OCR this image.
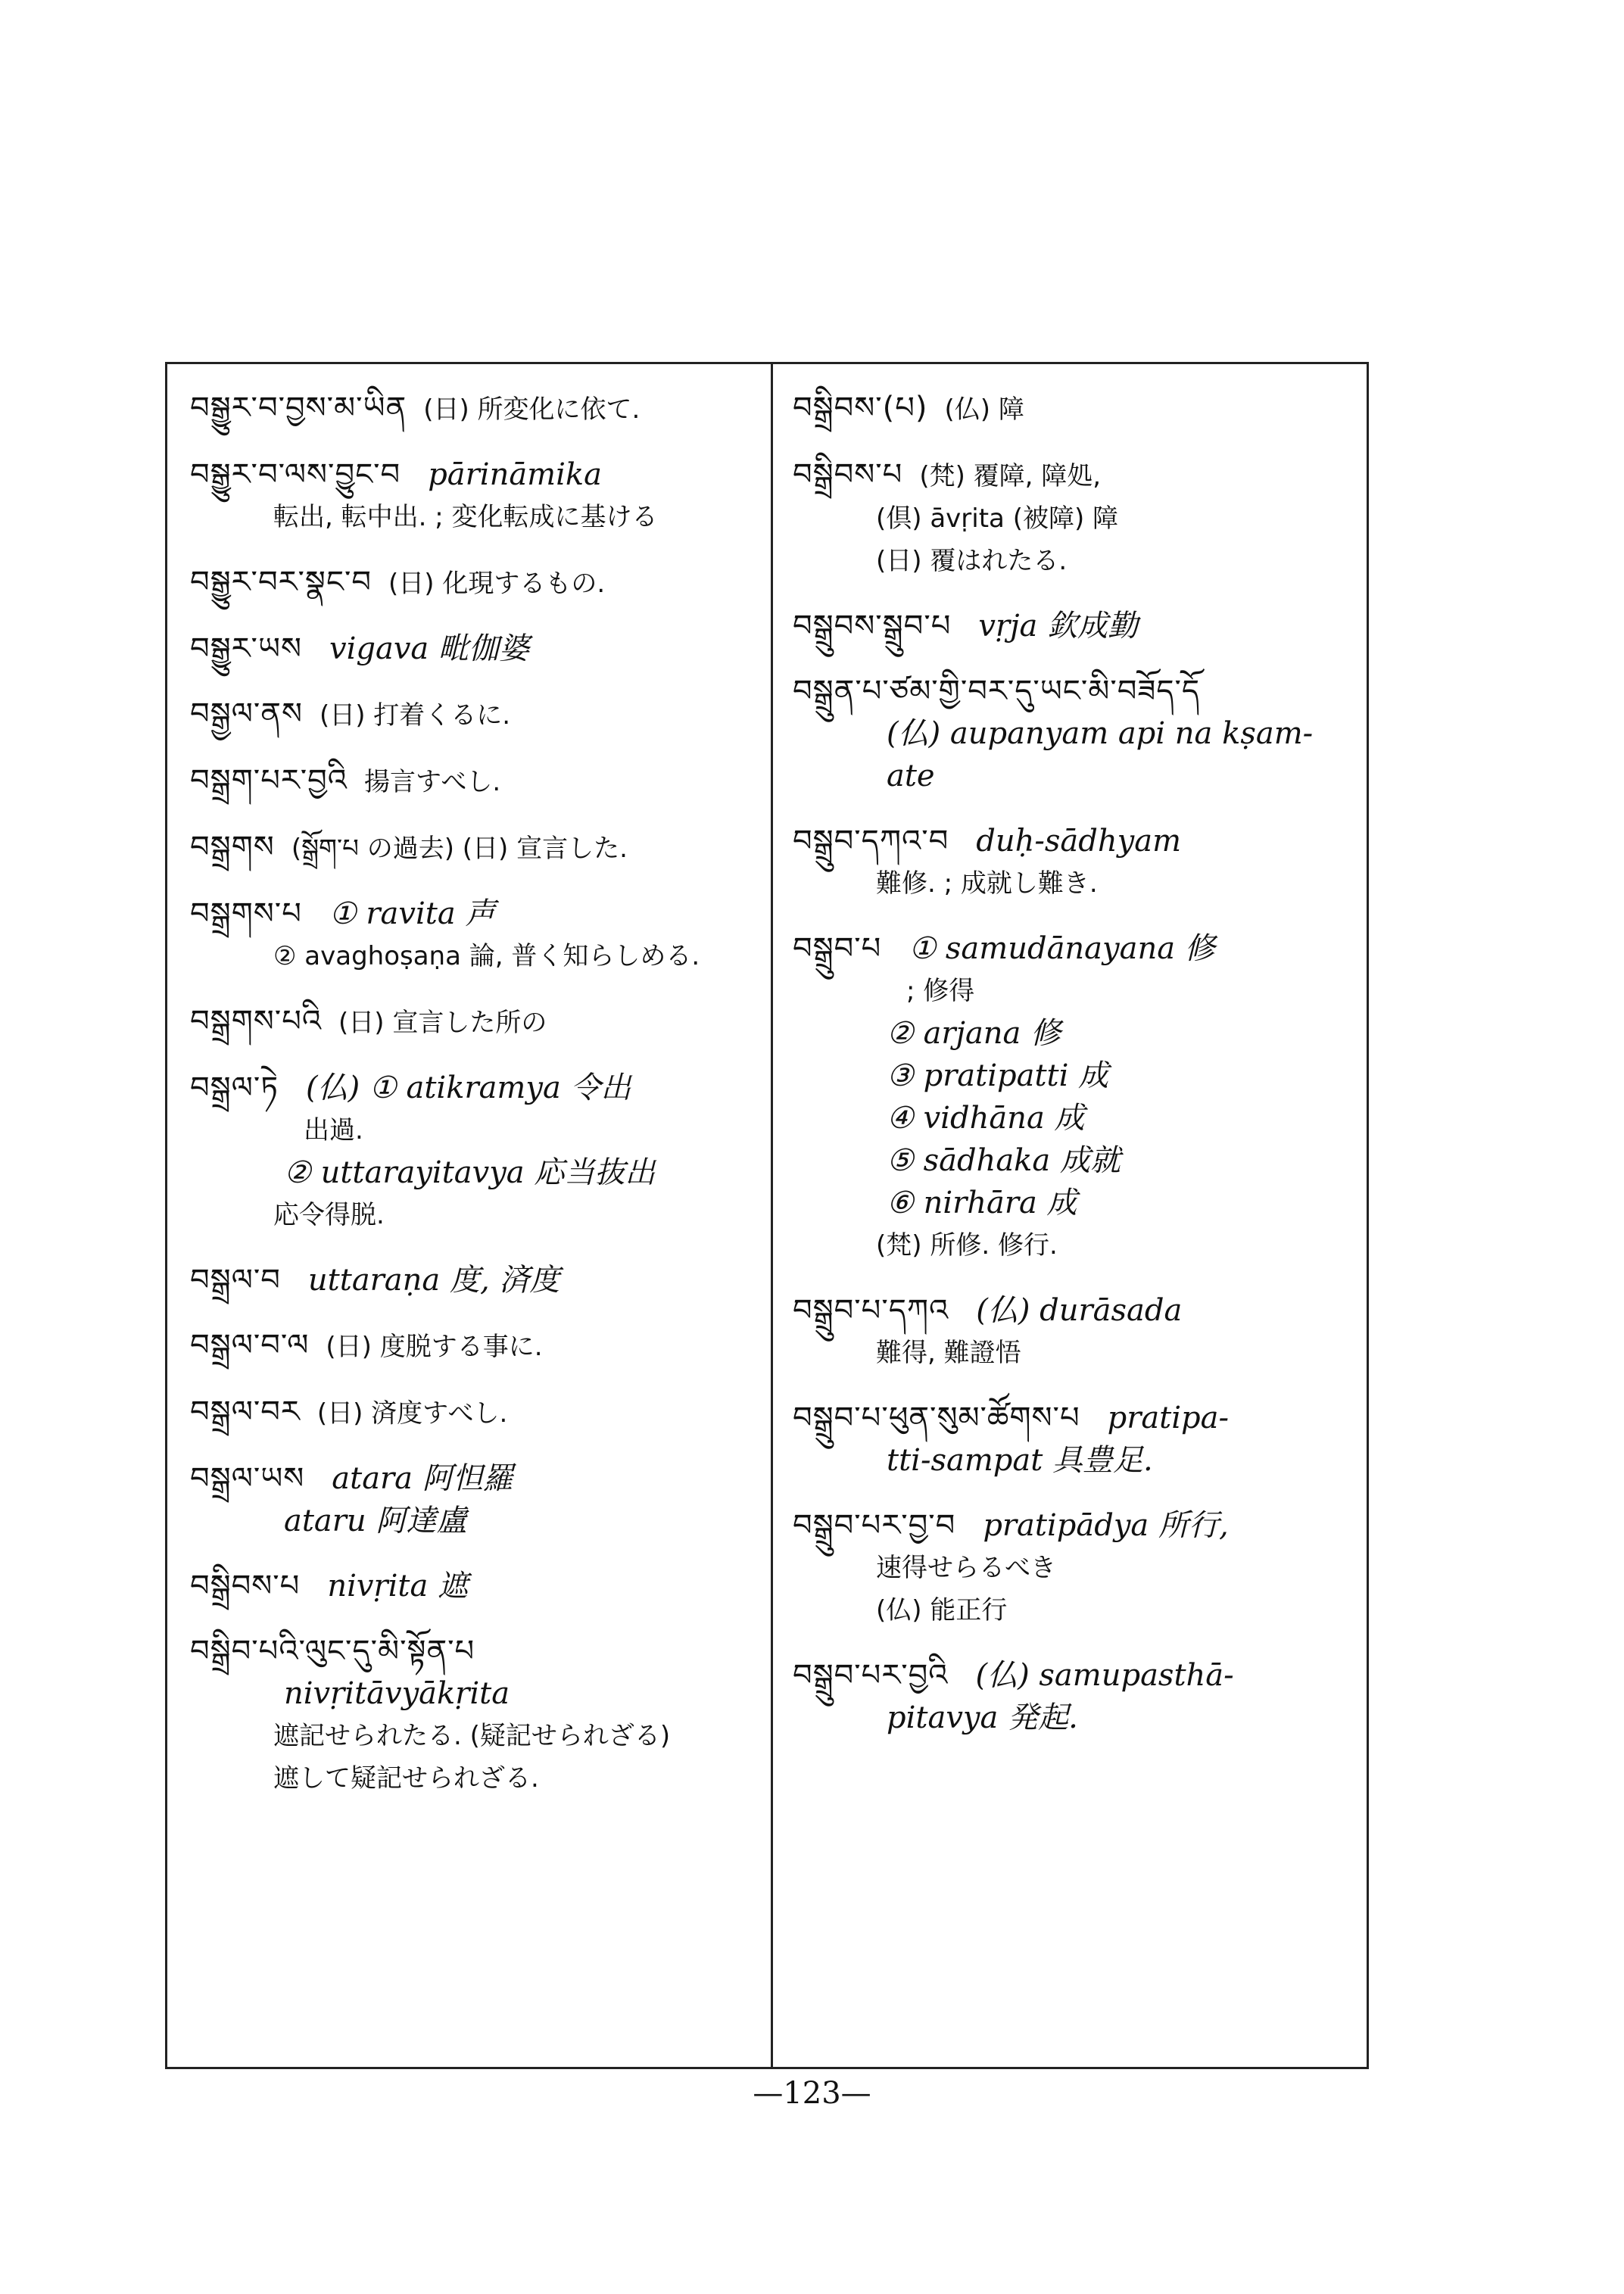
བསྒྱུར་བ་བྱས་མ་ཡིན (日) 所変化に依て.
བསྒྱུར་བ་ལས་བྱུང་བ pārināmika
転出, 転中出. ; 変化転成に基ける
བསྒྱུར་བར་སྣང་བ (日) 化現するもの.
བསྒྱུར་ཡས vigava 毗伽婆
བསྒྱལ་ནས (日) 打着くるに.
བསྒྲག་པར་བྱའི 揚言すべし.
བསྒྲགས (སྒྲོག་པ の過去) (日) 宣言した.
བསྒྲགས་པ ① ravita 声
② avaghoṣaṇa 論, 普く知らしめる.
བསྒྲགས་པའི (日) 宣言した所の
བསྒྲལ་ཏེ (仏) ① atikramya 令出
出過.
② uttarayitavya 応当抜出
応令得脱.
བསྒྲལ་བ uttaraṇa 度, 済度
བསྒྲལ་བ་ལ (日) 度脱する事に.
བསྒྲལ་བར (日) 済度すべし.
བསྒྲལ་ཡས atara 阿怛羅
ataru 阿達盧
བསྒྲིབས་པ nivṛita 遮
བསྒྲིབ་པའི་ལུང་དུ་མི་སྟོན་པ
nivṛitāvyākṛita
遮記せられたる. (疑記せられざる)
遮して疑記せられざる.
བསྒྲིབས་(པ) (仏) 障
བསྒྲིབས་པ (梵) 覆障, 障処,
(倶) āvṛita (被障) 障
(日) 覆はれたる.
བསྒྲུབས་སྒྲུབ་པ vṛja 欽成勤
བསྒྲུན་པ་ཙམ་གྱི་བར་དུ་ཡང་མི་བཟོད་དོ
(仏) aupanyam api na kṣam-
ate
བསྒྲུབ་དཀའ་བ duḥ-sādhyam
難修. ; 成就し難き.
བསྒྲུབ་པ ① samudānayana 修
; 修得
② arjana 修
③ pratipatti 成
④ vidhāna 成
⑤ sādhaka 成就
⑥ nirhāra 成
(梵) 所修. 修行.
བསྒྲུབ་པ་དཀའ (仏) durāsada
難得, 難證悟
བསྒྲུབ་པ་ཕུན་སུམ་ཚོགས་པ pratipa-
tti-sampat 具豊足.
བསྒྲུབ་པར་བྱ་བ pratipādya 所行,
速得せらるべき
(仏) 能正行
བསྒྲུབ་པར་བྱའི (仏) samupasthā-
pitavya 発起.
—123—
